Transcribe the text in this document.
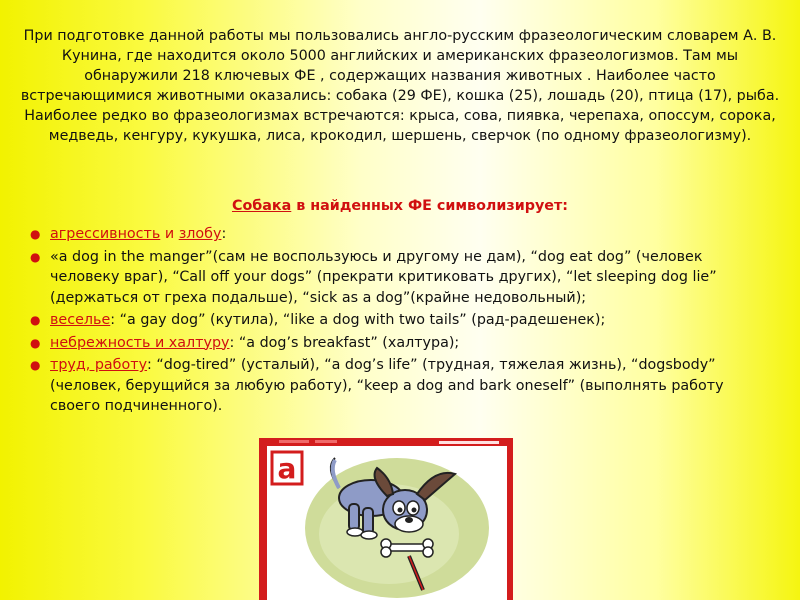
При подготовке данной работы мы пользовались англо-русским фразеологическим словарем А. В. Кунина, где находится около 5000 английских и американских фразеологизмов. Там мы обнаружили 218 ключевых ФЕ , содержащих названия животных . Наиболее часто встречающимися животными оказались: собака (29 ФЕ), кошка (25), лошадь (20), птица (17), рыба. Наиболее редко во фразеологизмах встречаются: крыса, сова, пиявка, черепаха, опоссум, сорока, медведь, кенгуру, кукушка, лиса, крокодил, шершень, сверчок (по одному фразеологизму).

Собака в найденных ФЕ символизирует:

● агрессивность и злобу:
● «a dog in the manger”(сам не воспользуюсь и другому не дам), “dog eat dog” (человек человеку враг), “Call off your dogs” (прекрати критиковать других), “let sleeping dog lie” (держаться от греха подальше), “sick as a dog”(крайне недовольный);
● веселье: “a gay dog” (кутила), “like a dog with two tails” (рад-радешенек);
● небрежность и халтуру: “a dog’s breakfast” (халтура);
● труд, работу: “dog-tired” (усталый), “a dog’s life” (трудная, тяжелая жизнь), “dogsbody” (человек, берущийся за любую работу), “keep a dog and bark oneself” (выполнять работу своего подчиненного).
a
